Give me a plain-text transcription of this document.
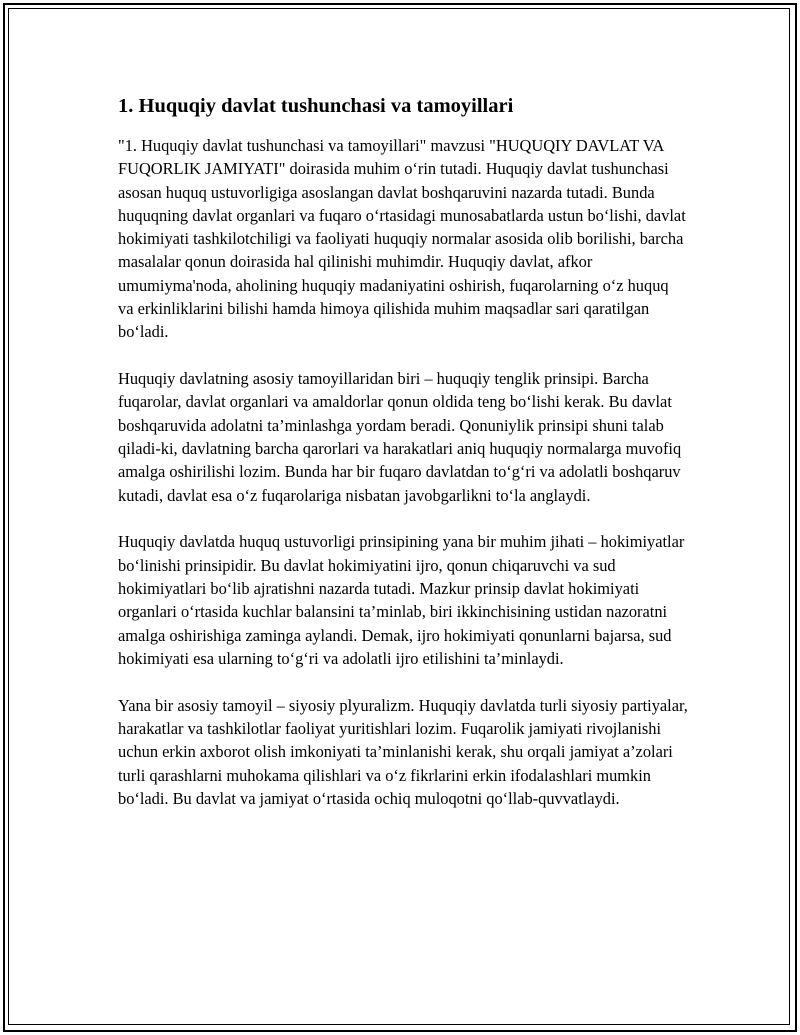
1. Huquqiy davlat tushunchasi va tamoyillari

"1. Huquqiy davlat tushunchasi va tamoyillari" mavzusi "HUQUQIY DAVLAT VA FUQORLIK JAMIYATI" doirasida muhim o‘rin tutadi. Huquqiy davlat tushunchasi asosan huquq ustuvorligiga asoslangan davlat boshqaruvini nazarda tutadi. Bunda huquqning davlat organlari va fuqaro o‘rtasidagi munosabatlarda ustun bo‘lishi, davlat hokimiyati tashkilotchiligi va faoliyati huquqiy normalar asosida olib borilishi, barcha masalalar qonun doirasida hal qilinishi muhimdir. Huquqiy davlat, afkor umumiyma'noda, aholining huquqiy madaniyatini oshirish, fuqarolarning o‘z huquq va erkinliklarini bilishi hamda himoya qilishida muhim maqsadlar sari qaratilgan bo‘ladi.

Huquqiy davlatning asosiy tamoyillaridan biri – huquqiy tenglik prinsipi. Barcha fuqarolar, davlat organlari va amaldorlar qonun oldida teng bo‘lishi kerak. Bu davlat boshqaruvida adolatni ta’minlashga yordam beradi. Qonuniylik prinsipi shuni talab qiladi-ki, davlatning barcha qarorlari va harakatlari aniq huquqiy normalarga muvofiq amalga oshirilishi lozim. Bunda har bir fuqaro davlatdan to‘g‘ri va adolatli boshqaruv kutadi, davlat esa o‘z fuqarolariga nisbatan javobgarlikni to‘la anglaydi.

Huquqiy davlatda huquq ustuvorligi prinsipining yana bir muhim jihati – hokimiyatlar bo‘linishi prinsipidir. Bu davlat hokimiyatini ijro, qonun chiqaruvchi va sud hokimiyatlari bo‘lib ajratishni nazarda tutadi. Mazkur prinsip davlat hokimiyati organlari o‘rtasida kuchlar balansini ta’minlab, biri ikkinchisining ustidan nazoratni amalga oshirishiga zaminga aylandi. Demak, ijro hokimiyati qonunlarni bajarsa, sud hokimiyati esa ularning to‘g‘ri va adolatli ijro etilishini ta’minlaydi.

Yana bir asosiy tamoyil – siyosiy plyuralizm. Huquqiy davlatda turli siyosiy partiyalar, harakatlar va tashkilotlar faoliyat yuritishlari lozim. Fuqarolik jamiyati rivojlanishi uchun erkin axborot olish imkoniyati ta’minlanishi kerak, shu orqali jamiyat a’zolari turli qarashlarni muhokama qilishlari va o‘z fikrlarini erkin ifodalashlari mumkin bo‘ladi. Bu davlat va jamiyat o‘rtasida ochiq muloqotni qo‘llab-quvvatlaydi.
